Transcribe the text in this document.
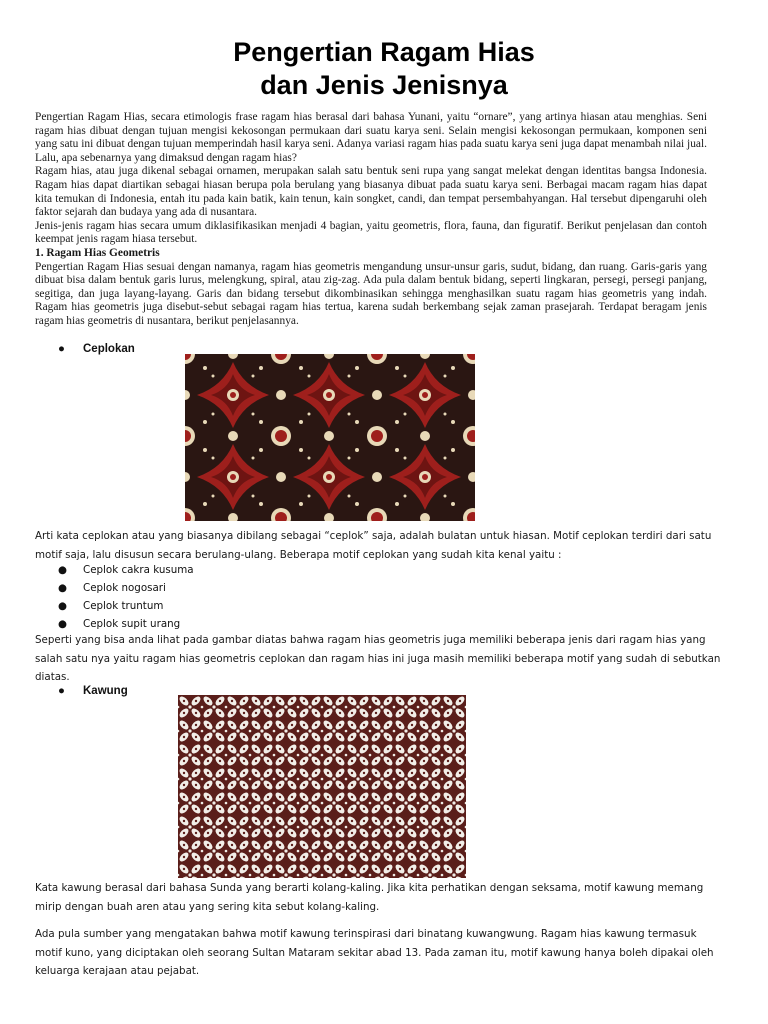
Pengertian Ragam Hias
dan Jenis Jenisnya

Pengertian Ragam Hias, secara etimologis frase ragam hias berasal dari bahasa Yunani, yaitu “ornare”, yang artinya hiasan atau menghias. Seni ragam hias dibuat dengan tujuan mengisi kekosongan permukaan dari suatu karya seni. Selain mengisi kekosongan permukaan, komponen seni yang satu ini dibuat dengan tujuan memperindah hasil karya seni. Adanya variasi ragam hias pada suatu karya seni juga dapat menambah nilai jual. Lalu, apa sebenarnya yang dimaksud dengan ragam hias?

Ragam hias, atau juga dikenal sebagai ornamen, merupakan salah satu bentuk seni rupa yang sangat melekat dengan identitas bangsa Indonesia. Ragam hias dapat diartikan sebagai hiasan berupa pola berulang yang biasanya dibuat pada suatu karya seni. Berbagai macam ragam hias dapat kita temukan di Indonesia, entah itu pada kain batik, kain tenun, kain songket, candi, dan tempat persembahyangan. Hal tersebut dipengaruhi oleh faktor sejarah dan budaya yang ada di nusantara.

Jenis-jenis ragam hias secara umum diklasifikasikan menjadi 4 bagian, yaitu geometris, flora, fauna, dan figuratif. Berikut penjelasan dan contoh keempat jenis ragam hiasa tersebut.

1. Ragam Hias Geometris

Pengertian Ragam Hias sesuai dengan namanya, ragam hias geometris mengandung unsur-unsur garis, sudut, bidang, dan ruang. Garis-garis yang dibuat bisa dalam bentuk garis lurus, melengkung, spiral, atau zig-zag. Ada pula dalam bentuk bidang, seperti lingkaran, persegi, persegi panjang, segitiga, dan juga layang-layang. Garis dan bidang tersebut dikombinasikan sehingga menghasilkan suatu ragam hias geometris yang indah. Ragam hias geometris juga disebut-sebut sebagai ragam hias tertua, karena sudah berkembang sejak zaman prasejarah. Terdapat beragam jenis ragam hias geometris di nusantara, berikut penjelasannya.

● Ceplokan

Arti kata ceplokan atau yang biasanya dibilang sebagai “ceplok” saja, adalah bulatan untuk hiasan. Motif ceplokan terdiri dari satu motif saja, lalu disusun secara berulang-ulang. Beberapa motif ceplokan yang sudah kita kenal yaitu :

● Ceplok cakra kusuma
● Ceplok nogosari
● Ceplok truntum
● Ceplok supit urang

Seperti yang bisa anda lihat pada gambar diatas bahwa ragam hias geometris juga memiliki beberapa jenis dari ragam hias yang salah satu nya yaitu ragam hias geometris ceplokan dan ragam hias ini juga masih memiliki beberapa motif yang sudah di sebutkan diatas.

● Kawung

Kata kawung berasal dari bahasa Sunda yang berarti kolang-kaling. Jika kita perhatikan dengan seksama, motif kawung memang mirip dengan buah aren atau yang sering kita sebut kolang-kaling.

Ada pula sumber yang mengatakan bahwa motif kawung terinspirasi dari binatang kuwangwung. Ragam hias kawung termasuk motif kuno, yang diciptakan oleh seorang Sultan Mataram sekitar abad 13. Pada zaman itu, motif kawung hanya boleh dipakai oleh keluarga kerajaan atau pejabat.
